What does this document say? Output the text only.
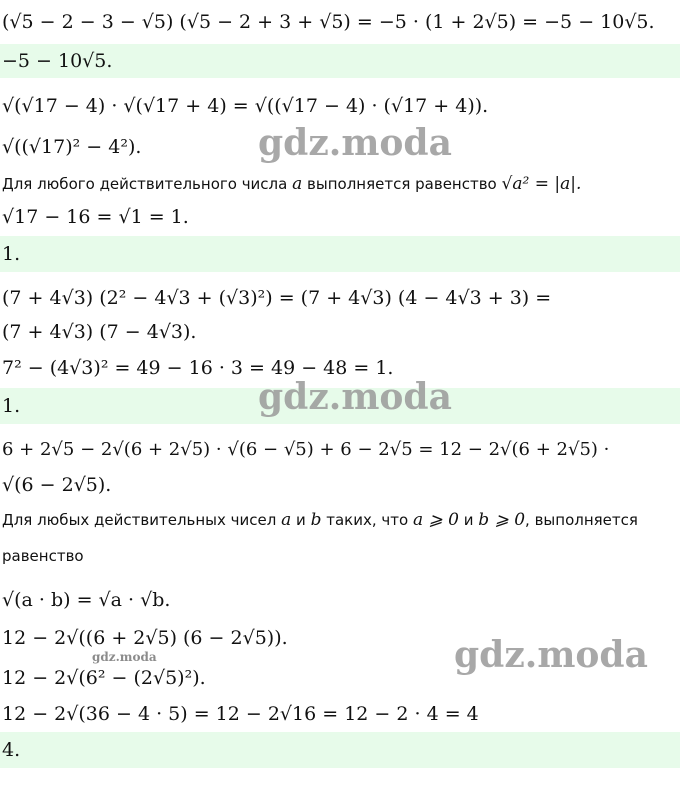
(√5 − 2 − 3 − √5) (√5 − 2 + 3 + √5) = −5 · (1 + 2√5) = −5 − 10√5.
−5 − 10√5.
√(√17 − 4) · √(√17 + 4) = √((√17 − 4) · (√17 + 4)).
√((√17)² − 4²).
Для любого действительного числа a выполняется равенство √a² = |a|.
√17 − 16 = √1 = 1.
1.
(7 + 4√3) (2² − 4√3 + (√3)²) = (7 + 4√3) (4 − 4√3 + 3) =
(7 + 4√3) (7 − 4√3).
7² − (4√3)² = 49 − 16 · 3 = 49 − 48 = 1.
1.
6 + 2√5 − 2√(6 + 2√5) · √(6 − √5) + 6 − 2√5 = 12 − 2√(6 + 2√5) ·
√(6 − 2√5).
Для любых действительных чисел a и b таких, что a ⩾ 0 и b ⩾ 0, выполняется
равенство
√(a · b) = √a · √b.
12 − 2√((6 + 2√5) (6 − 2√5)).
12 − 2√(6² − (2√5)²).
12 − 2√(36 − 4 · 5) = 12 − 2√16 = 12 − 2 · 4 = 4
4.
gdz.moda
gdz.moda
gdz.moda
gdz.moda
